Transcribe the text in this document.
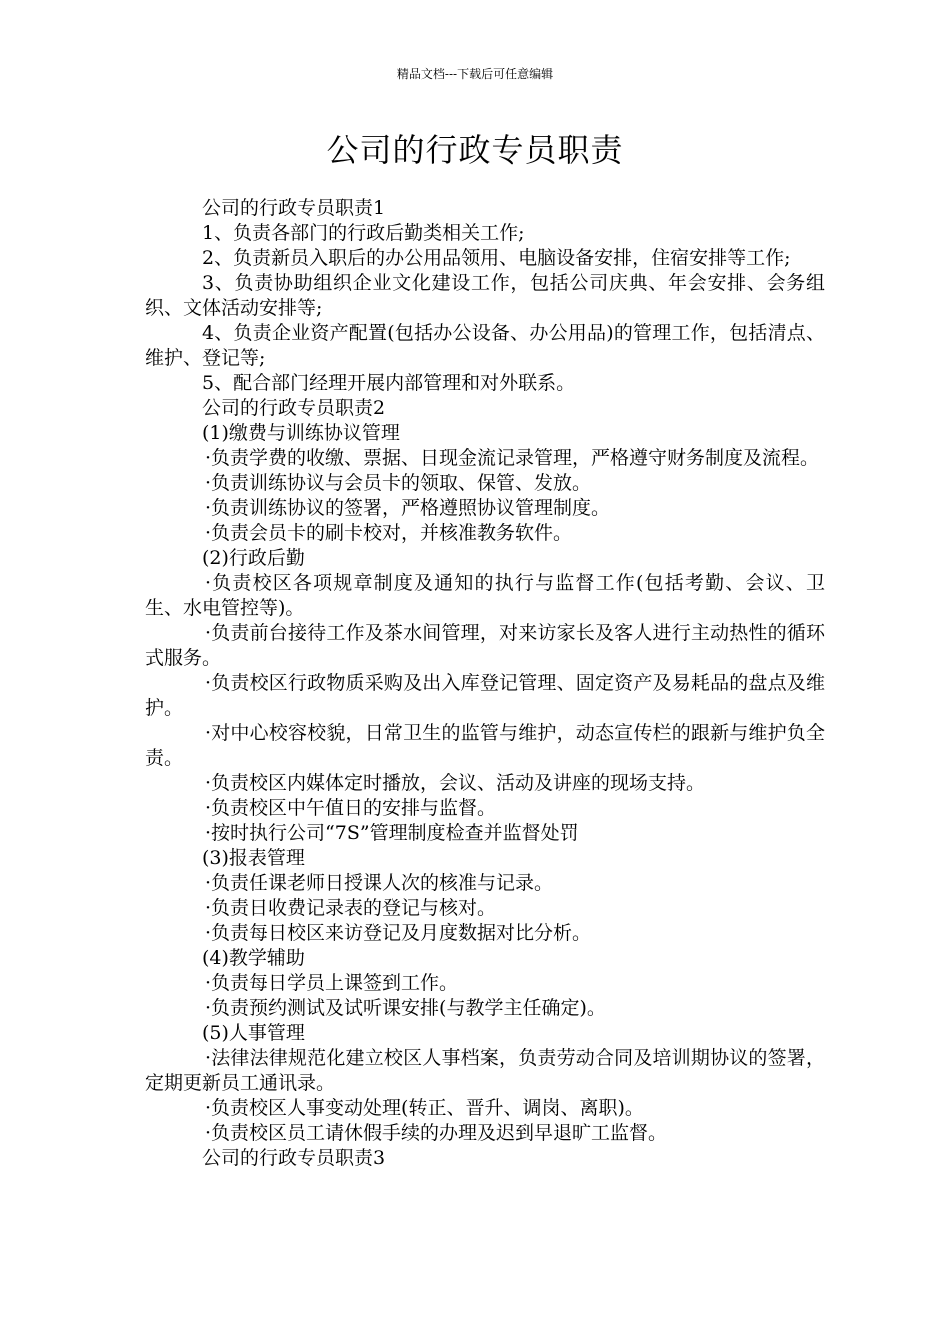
精品文档---下载后可任意编辑
公司的行政专员职责

公司的行政专员职责1

1、负责各部门的行政后勤类相关工作;

2、负责新员入职后的办公用品领用、电脑设备安排，住宿安排等工作;

3、负责协助组织企业文化建设工作，包括公司庆典、年会安排、会务组织、文体活动安排等;

4、负责企业资产配置(包括办公设备、办公用品)的管理工作，包括清点、维护、登记等;

5、配合部门经理开展内部管理和对外联系。

公司的行政专员职责2

(1)缴费与训练协议管理

·负责学费的收缴、票据、日现金流记录管理，严格遵守财务制度及流程。

·负责训练协议与会员卡的领取、保管、发放。

·负责训练协议的签署，严格遵照协议管理制度。

·负责会员卡的刷卡校对，并核准教务软件。

(2)行政后勤

·负责校区各项规章制度及通知的执行与监督工作(包括考勤、会议、卫生、水电管控等)。

·负责前台接待工作及茶水间管理，对来访家长及客人进行主动热性的循环式服务。

·负责校区行政物质采购及出入库登记管理、固定资产及易耗品的盘点及维护。

·对中心校容校貌，日常卫生的监管与维护，动态宣传栏的跟新与维护负全责。

·负责校区内媒体定时播放，会议、活动及讲座的现场支持。

·负责校区中午值日的安排与监督。

·按时执行公司“7S”管理制度检查并监督处罚

(3)报表管理

·负责任课老师日授课人次的核准与记录。

·负责日收费记录表的登记与核对。

·负责每日校区来访登记及月度数据对比分析。

(4)教学辅助

·负责每日学员上课签到工作。

·负责预约测试及试听课安排(与教学主任确定)。

(5)人事管理

·法律法律规范化建立校区人事档案，负责劳动合同及培训期协议的签署，定期更新员工通讯录。

·负责校区人事变动处理(转正、晋升、调岗、离职)。

·负责校区员工请休假手续的办理及迟到早退旷工监督。

公司的行政专员职责3
